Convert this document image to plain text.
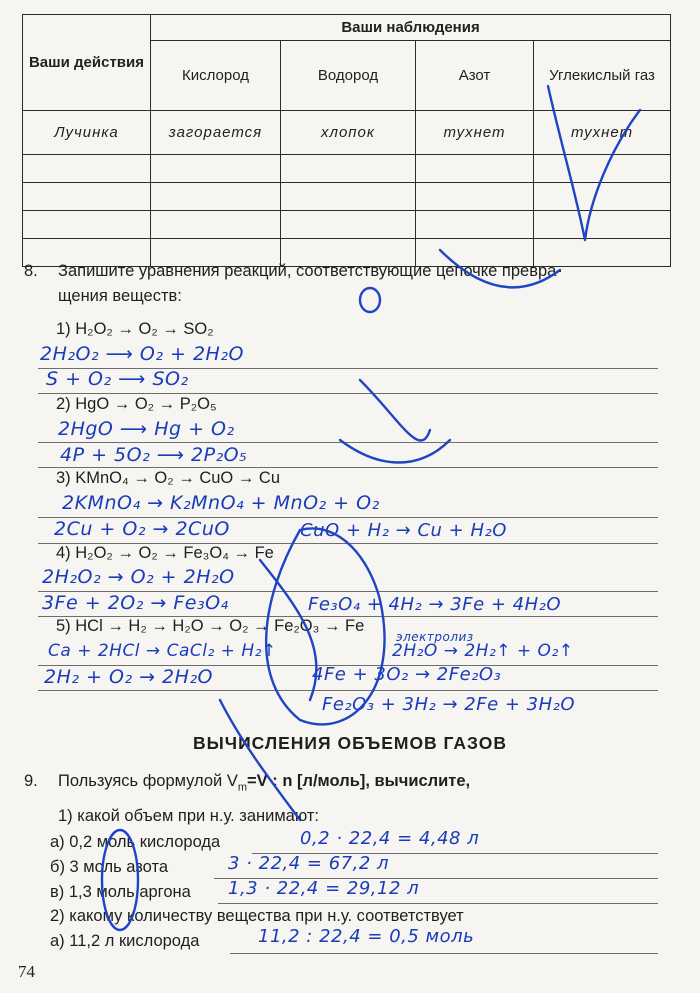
Ваши действия	Ваши наблюдения			
	Кислород	Водород	Азот	Углекислый газ
Лучинка	загорается	хлопок	тухнет	тухнет

8. Запишите уравнения реакций, соответствующие цепочке превра-
щения веществ:
1) H₂O₂ → O₂ → SO₂
2H₂O₂ ⟶ O₂ + 2H₂O
S + O₂ ⟶ SO₂
2) HgO → O₂ → P₂O₅
2HgO ⟶ Hg + O₂
4P + 5O₂ ⟶ 2P₂O₅
3) KMnO₄ → O₂ → CuO → Cu
2KMnO₄ → K₂MnO₄ + MnO₂ + O₂
2Cu + O₂ → 2CuO	CuO + H₂ → Cu + H₂O
4) H₂O₂ → O₂ → Fe₃O₄ → Fe
2H₂O₂ → O₂ + 2H₂O
3Fe + 2O₂ → Fe₃O₄	Fe₃O₄ + 4H₂ → 3Fe + 4H₂O
5) HCl → H₂ → H₂O → O₂ → Fe₂O₃ → Fe
электролиз
Ca + 2HCl → CaCl₂ + H₂↑	2H₂O → 2H₂↑ + O₂↑
2H₂ + O₂ → 2H₂O	4Fe + 3O₂ → 2Fe₂O₃
Fe₂O₃ + 3H₂ → 2Fe + 3H₂O
ВЫЧИСЛЕНИЯ ОБЪЕМОВ ГАЗОВ
9. Пользуясь формулой $V_m=V$ : n [л/моль], вычислите,
1) какой объем при н.у. занимают:
а) 0,2 моль кислорода	0,2 · 22,4 = 4,48 л
б) 3 моль азота	3 · 22,4 = 67,2 л
в) 1,3 моль аргона 1,3 · 22,4 = 29,12 л
2) какому количеству вещества при н.у. соответствует
а) 11,2 л кислорода	11,2 : 22,4 = 0,5 моль
74
